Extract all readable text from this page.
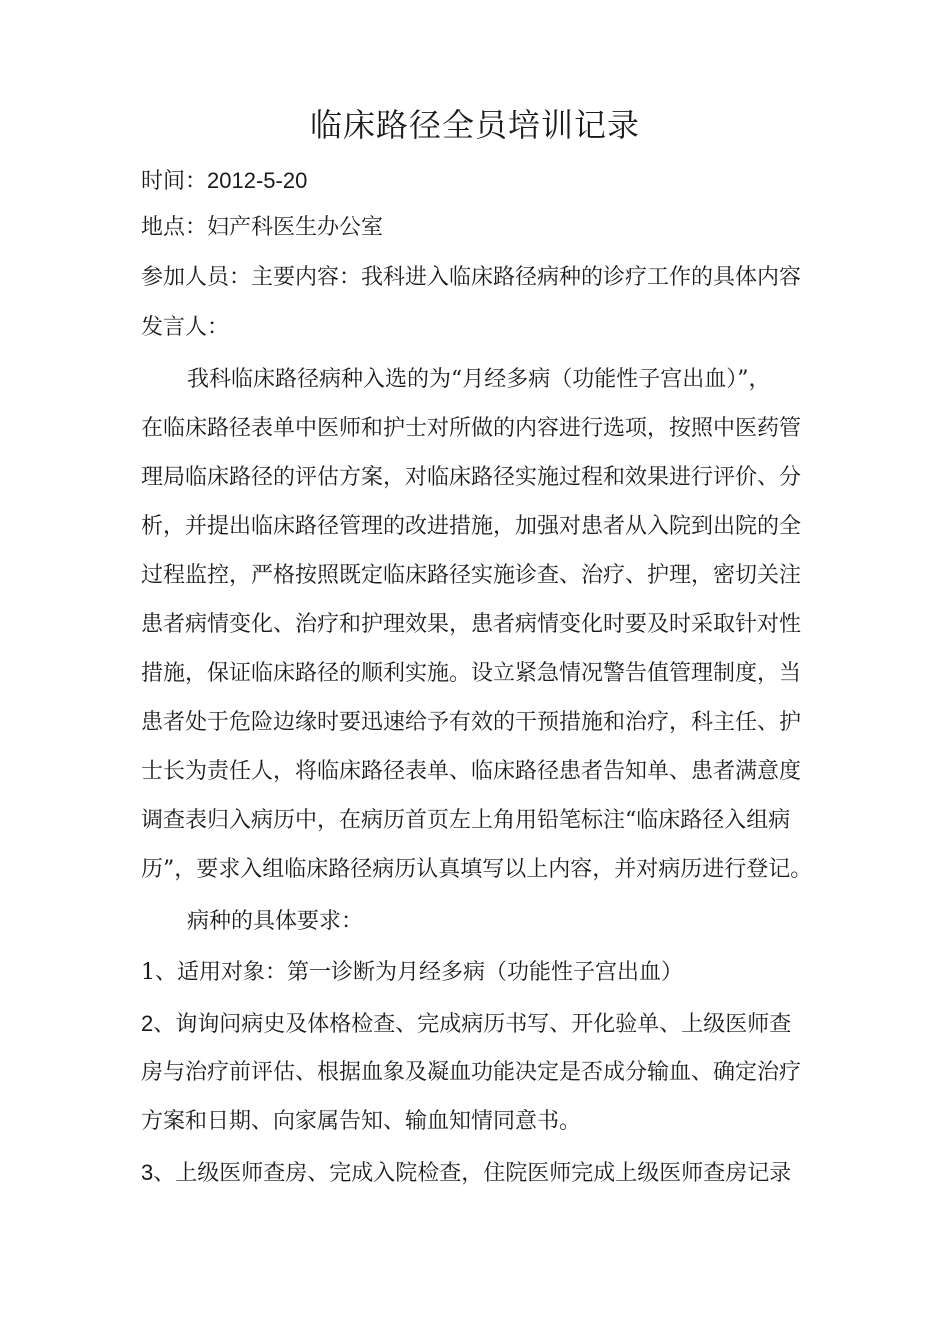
临床路径全员培训记录
时间：2012-5-20
地点：妇产科医生办公室
参加人员：主要内容：我科进入临床路径病种的诊疗工作的具体内容
发言人：
我科临床路径病种入选的为“月经多病（功能性子宫出血）”，
在临床路径表单中医师和护士对所做的内容进行选项，按照中医药管
理局临床路径的评估方案，对临床路径实施过程和效果进行评价、分
析，并提出临床路径管理的改进措施，加强对患者从入院到出院的全
过程监控，严格按照既定临床路径实施诊查、治疗、护理，密切关注
患者病情变化、治疗和护理效果，患者病情变化时要及时采取针对性
措施，保证临床路径的顺利实施。设立紧急情况警告值管理制度，当
患者处于危险边缘时要迅速给予有效的干预措施和治疗，科主任、护
士长为责任人，将临床路径表单、临床路径患者告知单、患者满意度
调查表归入病历中，在病历首页左上角用铅笔标注“临床路径入组病
历”，要求入组临床路径病历认真填写以上内容，并对病历进行登记。
病种的具体要求：
1、适用对象：第一诊断为月经多病（功能性子宫出血）
2、询询问病史及体格检查、完成病历书写、开化验单、上级医师查
房与治疗前评估、根据血象及凝血功能决定是否成分输血、确定治疗
方案和日期、向家属告知、输血知情同意书。
3、上级医师查房、完成入院检查，住院医师完成上级医师查房记录
